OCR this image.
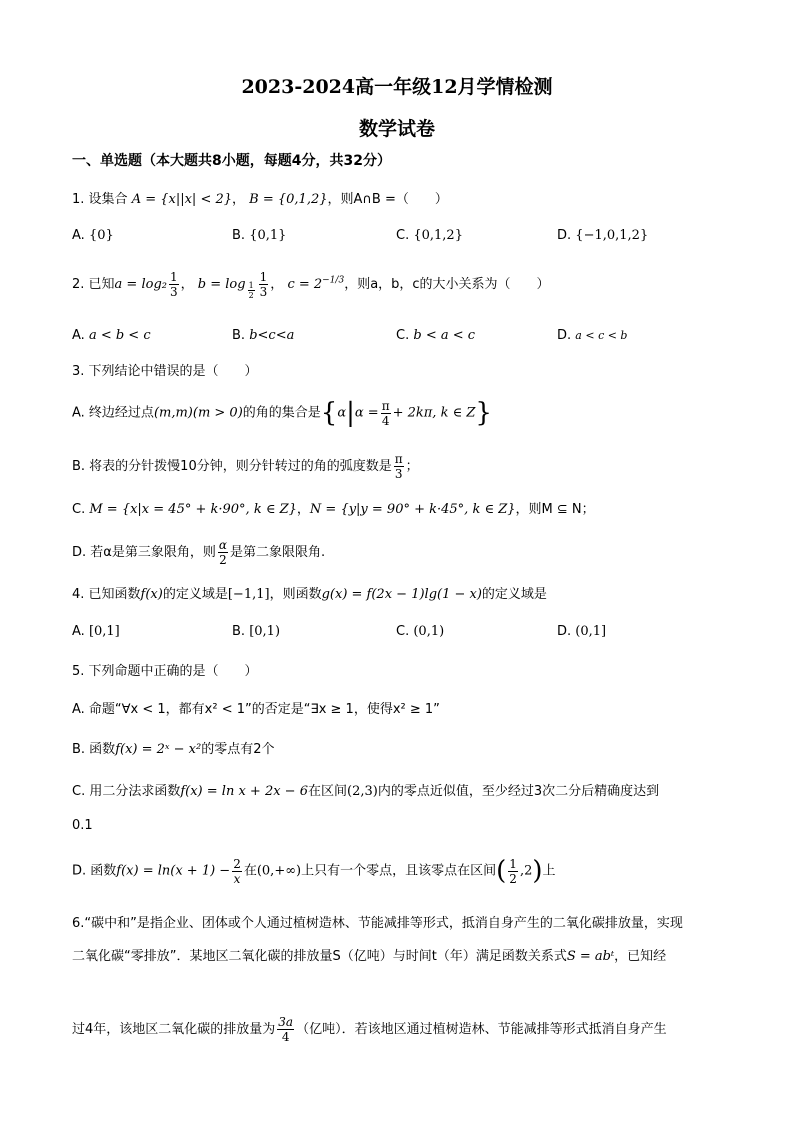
2023-2024高一年级12月学情检测
数学试卷
一、单选题（本大题共8小题，每题4分，共32分）
1. 设集合 A = {x||x| < 2}， B = {0,1,2}，则A∩B =（　　）
A. {0}	B. {0,1}	C. {0,1,2}	D. {−1,0,1,2}
2. 已知$a = \log_2 \frac{1}{3}$ ， $b = \log \frac{1}{2} \frac{1}{3}$ ， $c = 2^{-1/3}$，则a，b，c的大小关系为（　　）
A. a < b < c	B. b<c<a	C. b < a < c	D. a < c < b
3. 下列结论中错误的是（　　）
A. 终边经过点(m,m)(m > 0)的角的集合是{$\alpha|\alpha = \frac{\pi}{4} + 2k\pi$, k ∈ Z}
B. 将表的分针拨慢10分钟，则分针转过的角的弧度数是 $\frac{\pi}{3}$ ；
C. M = {x|x = 45° + k·90°, k ∈ Z}，N = {y|y = 90° + k·45°, k ∈ Z}，则M ⊆ N；
D. 若α是第三象限角，则 $\frac{\alpha}{2}$ 是第二象限限角.
4. 已知函数f(x)的定义域是[−1,1]，则函数g(x) = f(2x − 1)lg(1 − x)的定义域是
A. [0,1]	B. [0,1)	C. (0,1)	D. (0,1]
5. 下列命题中正确的是（　　）
A. 命题“∀x < 1，都有x² < 1”的否定是“∃x ≥ 1，使得x² ≥ 1”
B. 函数f(x) = 2ˣ − x²的零点有2个
C. 用二分法求函数f(x) = ln x + 2x − 6在区间(2,3)内的零点近似值，至少经过3次二分后精确度达到
0.1
D. 函数$f(x) = \ln(x + 1) - \frac{2}{x}$ 在(0,+∞)上只有一个零点，且该零点在区间( $\frac{1}{2} ,2$)上
6.“碳中和”是指企业、团体或个人通过植树造林、节能减排等形式，抵消自身产生的二氧化碳排放量，实现
二氧化碳“零排放”．某地区二氧化碳的排放量S（亿吨）与时间t（年）满足函数关系式S = abᵗ，已知经
过4年，该地区二氧化碳的排放量为 $\frac{3a}{4}$ （亿吨）．若该地区通过植树造林、节能减排等形式抵消自身产生
